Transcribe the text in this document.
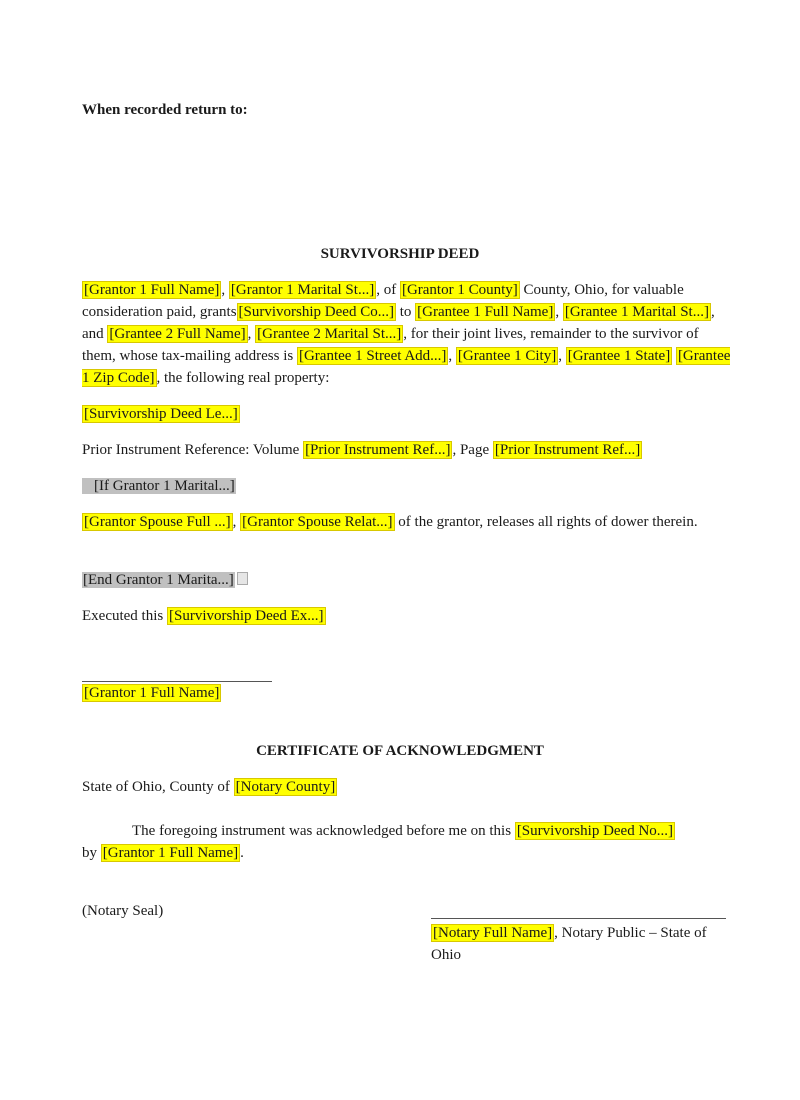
When recorded return to:
SURVIVORSHIP DEED
[Grantor 1 Full Name] , [Grantor 1 Marital St...] , of [Grantor 1 County] County, Ohio, for valuable consideration paid, grants [Survivorship Deed Co...] to [Grantee 1 Full Name] , [Grantee 1 Marital St...] , and [Grantee 2 Full Name] , [Grantee 2 Marital St...] , for their joint lives, remainder to the survivor of them, whose tax-mailing address is [Grantee 1 Street Add...] , [Grantee 1 City] , [Grantee 1 State] [Grantee 1 Zip Code] , the following real property:
[Survivorship Deed Le...]
Prior Instrument Reference: Volume [Prior Instrument Ref...] , Page [Prior Instrument Ref...]
[If Grantor 1 Marital...]
[Grantor Spouse Full ...] , [Grantor Spouse Relat...] of the grantor, releases all rights of dower therein.
[End Grantor 1 Marita...]
Executed this [Survivorship Deed Ex...]
[Grantor 1 Full Name]
CERTIFICATE OF ACKNOWLEDGMENT
State of Ohio, County of [Notary County]
The foregoing instrument was acknowledged before me on this [Survivorship Deed No...]
by [Grantor 1 Full Name] .
(Notary Seal)
[Notary Full Name] , Notary Public – State of Ohio
